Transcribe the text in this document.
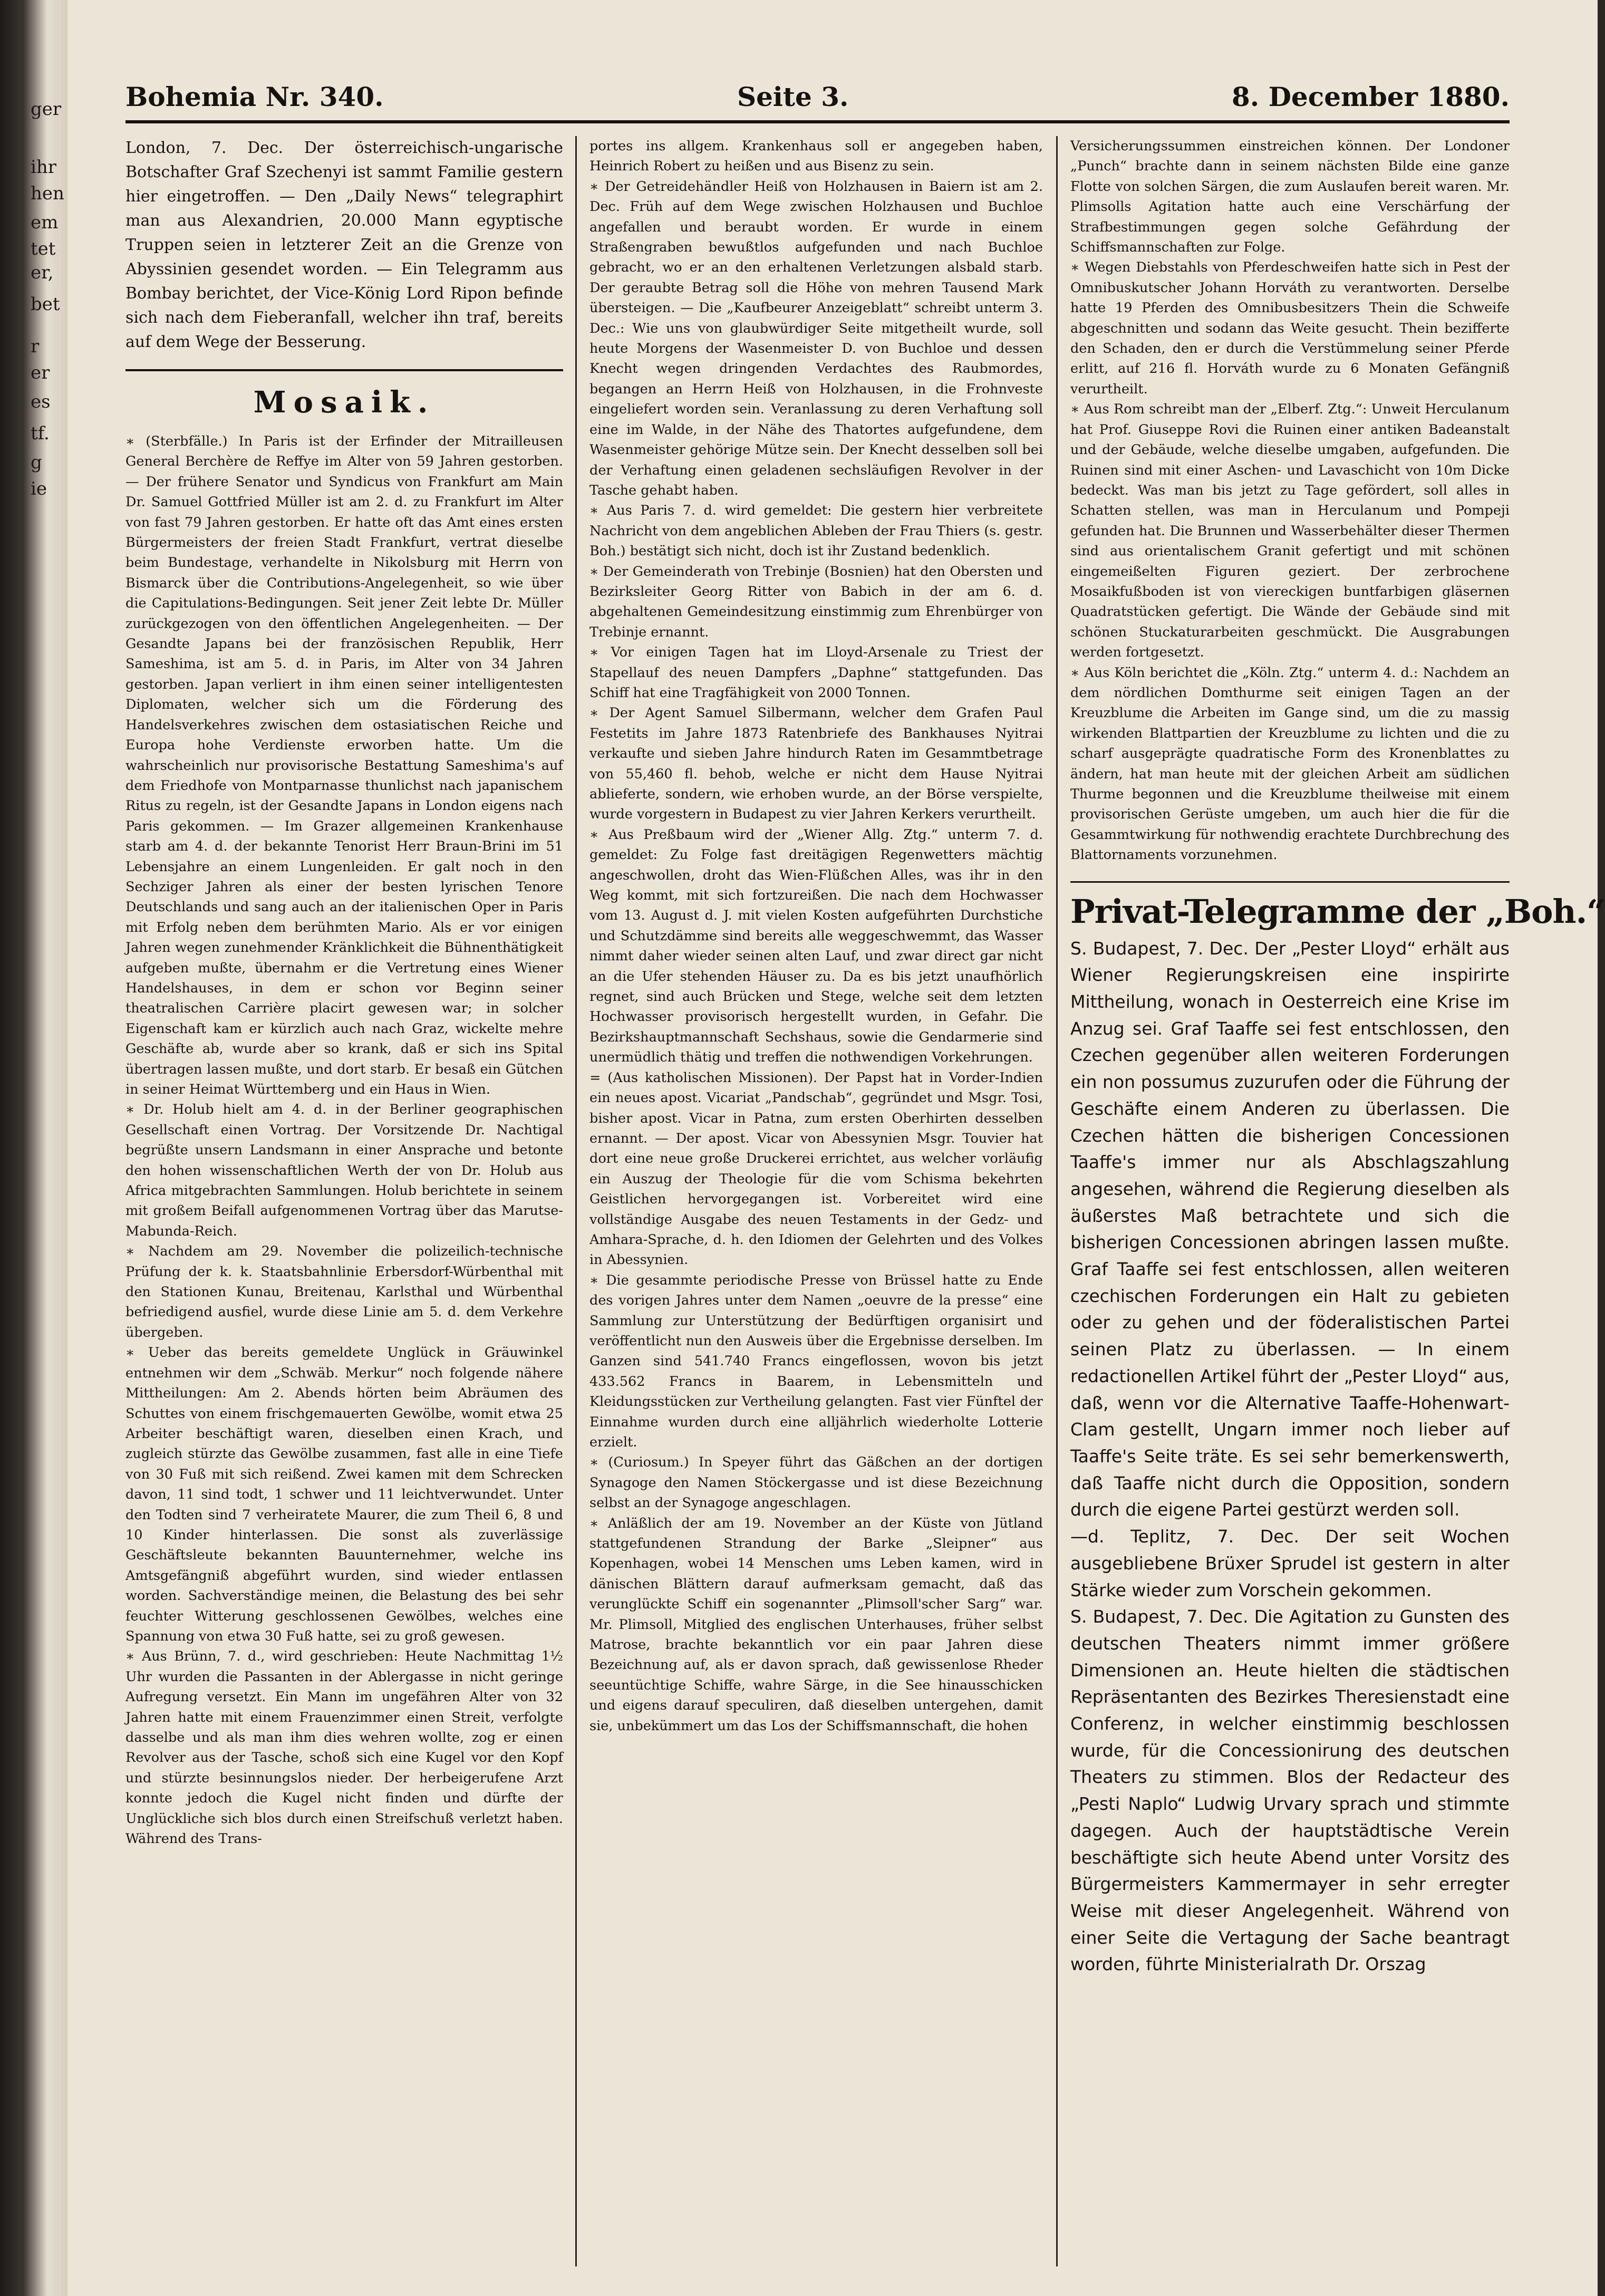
ger
ihr
hen
em
tet
er,
bet
r
er
es
tf.
g
ie
Bohemia Nr. 340.	Seite 3.	8. December 1880.

London, 7. Dec. Der österreichisch-ungarische Botschafter Graf Szechenyi ist sammt Familie gestern hier eingetroffen. — Den „Daily News“ telegraphirt man aus Alexandrien, 20.000 Mann egyptische Truppen seien in letzterer Zeit an die Grenze von Abyssinien gesendet worden. — Ein Telegramm aus Bombay berichtet, der Vice-König Lord Ripon befinde sich nach dem Fieberanfall, welcher ihn traf, bereits auf dem Wege der Besserung.

Mosaik.

∗ (Sterbfälle.) In Paris ist der Erfinder der Mitrailleusen General Berchère de Reffye im Alter von 59 Jahren gestorben. — Der frühere Senator und Syndicus von Frankfurt am Main Dr. Samuel Gottfried Müller ist am 2. d. zu Frankfurt im Alter von fast 79 Jahren gestorben. Er hatte oft das Amt eines ersten Bürgermeisters der freien Stadt Frankfurt, vertrat dieselbe beim Bundestage, verhandelte in Nikolsburg mit Herrn von Bismarck über die Contributions-Angelegenheit, so wie über die Capitulations-Bedingungen. Seit jener Zeit lebte Dr. Müller zurückgezogen von den öffentlichen Angelegenheiten. — Der Gesandte Japans bei der französischen Republik, Herr Sameshima, ist am 5. d. in Paris, im Alter von 34 Jahren gestorben. Japan verliert in ihm einen seiner intelligentesten Diplomaten, welcher sich um die Förderung des Handelsverkehres zwischen dem ostasiatischen Reiche und Europa hohe Verdienste erworben hatte. Um die wahrscheinlich nur provisorische Bestattung Sameshima's auf dem Friedhofe von Montparnasse thunlichst nach japanischem Ritus zu regeln, ist der Gesandte Japans in London eigens nach Paris gekommen. — Im Grazer allgemeinen Krankenhause starb am 4. d. der bekannte Tenorist Herr Braun-Brini im 51 Lebensjahre an einem Lungenleiden. Er galt noch in den Sechziger Jahren als einer der besten lyrischen Tenore Deutschlands und sang auch an der italienischen Oper in Paris mit Erfolg neben dem berühmten Mario. Als er vor einigen Jahren wegen zunehmender Kränklichkeit die Bühnenthätigkeit aufgeben mußte, übernahm er die Vertretung eines Wiener Handelshauses, in dem er schon vor Beginn seiner theatralischen Carrière placirt gewesen war; in solcher Eigenschaft kam er kürzlich auch nach Graz, wickelte mehre Geschäfte ab, wurde aber so krank, daß er sich ins Spital übertragen lassen mußte, und dort starb. Er besaß ein Gütchen in seiner Heimat Württemberg und ein Haus in Wien.

∗ Dr. Holub hielt am 4. d. in der Berliner geographischen Gesellschaft einen Vortrag. Der Vorsitzende Dr. Nachtigal begrüßte unsern Landsmann in einer Ansprache und betonte den hohen wissenschaftlichen Werth der von Dr. Holub aus Africa mitgebrachten Sammlungen. Holub berichtete in seinem mit großem Beifall aufgenommenen Vortrag über das Marutse-Mabunda-Reich.

∗ Nachdem am 29. November die polizeilich-technische Prüfung der k. k. Staatsbahnlinie Erbersdorf-Würbenthal mit den Stationen Kunau, Breitenau, Karlsthal und Würbenthal befriedigend ausfiel, wurde diese Linie am 5. d. dem Verkehre übergeben.

∗ Ueber das bereits gemeldete Unglück in Gräuwinkel entnehmen wir dem „Schwäb. Merkur“ noch folgende nähere Mittheilungen: Am 2. Abends hörten beim Abräumen des Schuttes von einem frischgemauerten Gewölbe, womit etwa 25 Arbeiter beschäftigt waren, dieselben einen Krach, und zugleich stürzte das Gewölbe zusammen, fast alle in eine Tiefe von 30 Fuß mit sich reißend. Zwei kamen mit dem Schrecken davon, 11 sind todt, 1 schwer und 11 leichtverwundet. Unter den Todten sind 7 verheiratete Maurer, die zum Theil 6, 8 und 10 Kinder hinterlassen. Die sonst als zuverlässige Geschäftsleute bekannten Bauunternehmer, welche ins Amtsgefängniß abgeführt wurden, sind wieder entlassen worden. Sachverständige meinen, die Belastung des bei sehr feuchter Witterung geschlossenen Gewölbes, welches eine Spannung von etwa 30 Fuß hatte, sei zu groß gewesen.

∗ Aus Brünn, 7. d., wird geschrieben: Heute Nachmittag 1½ Uhr wurden die Passanten in der Ablergasse in nicht geringe Aufregung versetzt. Ein Mann im ungefähren Alter von 32 Jahren hatte mit einem Frauenzimmer einen Streit, verfolgte dasselbe und als man ihm dies wehren wollte, zog er einen Revolver aus der Tasche, schoß sich eine Kugel vor den Kopf und stürzte besinnungslos nieder. Der herbeigerufene Arzt konnte jedoch die Kugel nicht finden und dürfte der Unglückliche sich blos durch einen Streifschuß verletzt haben. Während des Trans-

portes ins allgem. Krankenhaus soll er angegeben haben, Heinrich Robert zu heißen und aus Bisenz zu sein.

∗ Der Getreidehändler Heiß von Holzhausen in Baiern ist am 2. Dec. Früh auf dem Wege zwischen Holzhausen und Buchloe angefallen und beraubt worden. Er wurde in einem Straßengraben bewußtlos aufgefunden und nach Buchloe gebracht, wo er an den erhaltenen Verletzungen alsbald starb. Der geraubte Betrag soll die Höhe von mehren Tausend Mark übersteigen. — Die „Kaufbeurer Anzeigeblatt“ schreibt unterm 3. Dec.: Wie uns von glaubwürdiger Seite mitgetheilt wurde, soll heute Morgens der Wasenmeister D. von Buchloe und dessen Knecht wegen dringenden Verdachtes des Raubmordes, begangen an Herrn Heiß von Holzhausen, in die Frohnveste eingeliefert worden sein. Veranlassung zu deren Verhaftung soll eine im Walde, in der Nähe des Thatortes aufgefundene, dem Wasenmeister gehörige Mütze sein. Der Knecht desselben soll bei der Verhaftung einen geladenen sechsläufigen Revolver in der Tasche gehabt haben.

∗ Aus Paris 7. d. wird gemeldet: Die gestern hier verbreitete Nachricht von dem angeblichen Ableben der Frau Thiers (s. gestr. Boh.) bestätigt sich nicht, doch ist ihr Zustand bedenklich.

∗ Der Gemeinderath von Trebinje (Bosnien) hat den Obersten und Bezirksleiter Georg Ritter von Babich in der am 6. d. abgehaltenen Gemeindesitzung einstimmig zum Ehrenbürger von Trebinje ernannt.

∗ Vor einigen Tagen hat im Lloyd-Arsenale zu Triest der Stapellauf des neuen Dampfers „Daphne“ stattgefunden. Das Schiff hat eine Tragfähigkeit von 2000 Tonnen.

∗ Der Agent Samuel Silbermann, welcher dem Grafen Paul Festetits im Jahre 1873 Ratenbriefe des Bankhauses Nyitrai verkaufte und sieben Jahre hindurch Raten im Gesammtbetrage von 55,460 fl. behob, welche er nicht dem Hause Nyitrai ablieferte, sondern, wie erhoben wurde, an der Börse verspielte, wurde vorgestern in Budapest zu vier Jahren Kerkers verurtheilt.

∗ Aus Preßbaum wird der „Wiener Allg. Ztg.“ unterm 7. d. gemeldet: Zu Folge fast dreitägigen Regenwetters mächtig angeschwollen, droht das Wien-Flüßchen Alles, was ihr in den Weg kommt, mit sich fortzureißen. Die nach dem Hochwasser vom 13. August d. J. mit vielen Kosten aufgeführten Durchstiche und Schutzdämme sind bereits alle weggeschwemmt, das Wasser nimmt daher wieder seinen alten Lauf, und zwar direct gar nicht an die Ufer stehenden Häuser zu. Da es bis jetzt unaufhörlich regnet, sind auch Brücken und Stege, welche seit dem letzten Hochwasser provisorisch hergestellt wurden, in Gefahr. Die Bezirkshauptmannschaft Sechshaus, sowie die Gendarmerie sind unermüdlich thätig und treffen die nothwendigen Vorkehrungen.

= (Aus katholischen Missionen). Der Papst hat in Vorder-Indien ein neues apost. Vicariat „Pandschab“, gegründet und Msgr. Tosi, bisher apost. Vicar in Patna, zum ersten Oberhirten desselben ernannt. — Der apost. Vicar von Abessynien Msgr. Touvier hat dort eine neue große Druckerei errichtet, aus welcher vorläufig ein Auszug der Theologie für die vom Schisma bekehrten Geistlichen hervorgegangen ist. Vorbereitet wird eine vollständige Ausgabe des neuen Testaments in der Gedz- und Amhara-Sprache, d. h. den Idiomen der Gelehrten und des Volkes in Abessynien.

∗ Die gesammte periodische Presse von Brüssel hatte zu Ende des vorigen Jahres unter dem Namen „oeuvre de la presse“ eine Sammlung zur Unterstützung der Bedürftigen organisirt und veröffentlicht nun den Ausweis über die Ergebnisse derselben. Im Ganzen sind 541.740 Francs eingeflossen, wovon bis jetzt 433.562 Francs in Baarem, in Lebensmitteln und Kleidungsstücken zur Vertheilung gelangten. Fast vier Fünftel der Einnahme wurden durch eine alljährlich wiederholte Lotterie erzielt.

∗ (Curiosum.) In Speyer führt das Gäßchen an der dortigen Synagoge den Namen Stöckergasse und ist diese Bezeichnung selbst an der Synagoge angeschlagen.

∗ Anläßlich der am 19. November an der Küste von Jütland stattgefundenen Strandung der Barke „Sleipner“ aus Kopenhagen, wobei 14 Menschen ums Leben kamen, wird in dänischen Blättern darauf aufmerksam gemacht, daß das verunglückte Schiff ein sogenannter „Plimsoll'scher Sarg“ war. Mr. Plimsoll, Mitglied des englischen Unterhauses, früher selbst Matrose, brachte bekanntlich vor ein paar Jahren diese Bezeichnung auf, als er davon sprach, daß gewissenlose Rheder seeuntüchtige Schiffe, wahre Särge, in die See hinausschicken und eigens darauf speculiren, daß dieselben untergehen, damit sie, unbekümmert um das Los der Schiffsmannschaft, die hohen

Versicherungssummen einstreichen können. Der Londoner „Punch“ brachte dann in seinem nächsten Bilde eine ganze Flotte von solchen Särgen, die zum Auslaufen bereit waren. Mr. Plimsolls Agitation hatte auch eine Verschärfung der Strafbestimmungen gegen solche Gefährdung der Schiffsmannschaften zur Folge.

∗ Wegen Diebstahls von Pferdeschweifen hatte sich in Pest der Omnibuskutscher Johann Horváth zu verantworten. Derselbe hatte 19 Pferden des Omnibusbesitzers Thein die Schweife abgeschnitten und sodann das Weite gesucht. Thein bezifferte den Schaden, den er durch die Verstümmelung seiner Pferde erlitt, auf 216 fl. Horváth wurde zu 6 Monaten Gefängniß verurtheilt.

∗ Aus Rom schreibt man der „Elberf. Ztg.“: Unweit Herculanum hat Prof. Giuseppe Rovi die Ruinen einer antiken Badeanstalt und der Gebäude, welche dieselbe umgaben, aufgefunden. Die Ruinen sind mit einer Aschen- und Lavaschicht von 10m Dicke bedeckt. Was man bis jetzt zu Tage gefördert, soll alles in Schatten stellen, was man in Herculanum und Pompeji gefunden hat. Die Brunnen und Wasserbehälter dieser Thermen sind aus orientalischem Granit gefertigt und mit schönen eingemeißelten Figuren geziert. Der zerbrochene Mosaikfußboden ist von viereckigen buntfarbigen gläsernen Quadratstücken gefertigt. Die Wände der Gebäude sind mit schönen Stuckaturarbeiten geschmückt. Die Ausgrabungen werden fortgesetzt.

∗ Aus Köln berichtet die „Köln. Ztg.“ unterm 4. d.: Nachdem an dem nördlichen Domthurme seit einigen Tagen an der Kreuzblume die Arbeiten im Gange sind, um die zu massig wirkenden Blattpartien der Kreuzblume zu lichten und die zu scharf ausgeprägte quadratische Form des Kronenblattes zu ändern, hat man heute mit der gleichen Arbeit am südlichen Thurme begonnen und die Kreuzblume theilweise mit einem provisorischen Gerüste umgeben, um auch hier die für die Gesammtwirkung für nothwendig erachtete Durchbrechung des Blattornaments vorzunehmen.

Privat-Telegramme der „Boh.“

S. Budapest, 7. Dec. Der „Pester Lloyd“ erhält aus Wiener Regierungskreisen eine inspirirte Mittheilung, wonach in Oesterreich eine Krise im Anzug sei. Graf Taaffe sei fest entschlossen, den Czechen gegenüber allen weiteren Forderungen ein non possumus zuzurufen oder die Führung der Geschäfte einem Anderen zu überlassen. Die Czechen hätten die bisherigen Concessionen Taaffe's immer nur als Abschlagszahlung angesehen, während die Regierung dieselben als äußerstes Maß betrachtete und sich die bisherigen Concessionen abringen lassen mußte. Graf Taaffe sei fest entschlossen, allen weiteren czechischen Forderungen ein Halt zu gebieten oder zu gehen und der föderalistischen Partei seinen Platz zu überlassen. — In einem redactionellen Artikel führt der „Pester Lloyd“ aus, daß, wenn vor die Alternative Taaffe-Hohenwart-Clam gestellt, Ungarn immer noch lieber auf Taaffe's Seite träte. Es sei sehr bemerkenswerth, daß Taaffe nicht durch die Opposition, sondern durch die eigene Partei gestürzt werden soll.

—d. Teplitz, 7. Dec. Der seit Wochen ausgebliebene Brüxer Sprudel ist gestern in alter Stärke wieder zum Vorschein gekommen.

S. Budapest, 7. Dec. Die Agitation zu Gunsten des deutschen Theaters nimmt immer größere Dimensionen an. Heute hielten die städtischen Repräsentanten des Bezirkes Theresienstadt eine Conferenz, in welcher einstimmig beschlossen wurde, für die Concessionirung des deutschen Theaters zu stimmen. Blos der Redacteur des „Pesti Naplo“ Ludwig Urvary sprach und stimmte dagegen. Auch der hauptstädtische Verein beschäftigte sich heute Abend unter Vorsitz des Bürgermeisters Kammermayer in sehr erregter Weise mit dieser Angelegenheit. Während von einer Seite die Vertagung der Sache beantragt worden, führte Ministerialrath Dr. Orszag
